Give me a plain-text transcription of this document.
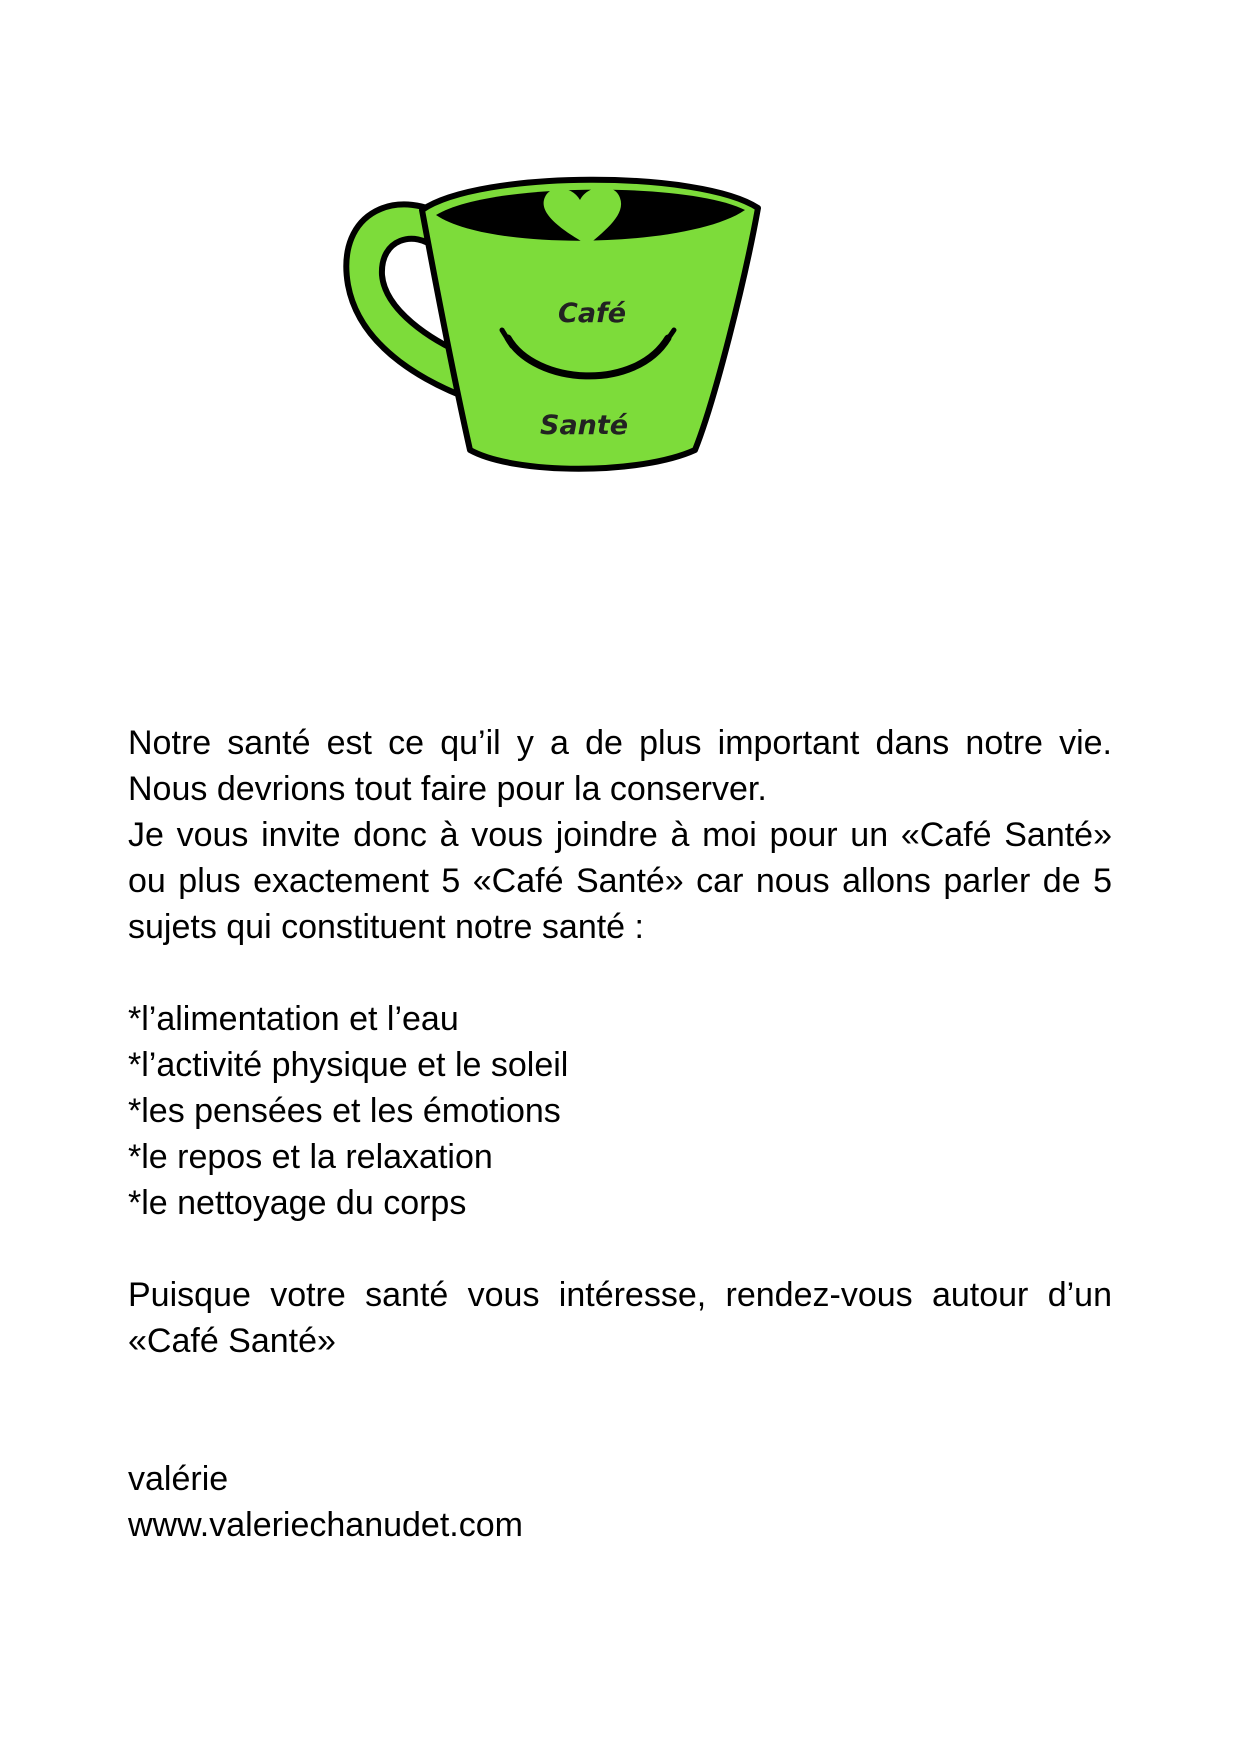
Café
Santé

Notre santé est ce qu’il y a de plus important dans notre vie. Nous devrions tout faire pour la conserver.
Je vous invite donc à vous joindre à moi pour un «Café Santé» ou plus exactement 5 «Café Santé» car nous allons parler de 5 sujets qui constituent notre santé :

*l’alimentation et l’eau
*l’activité physique et le soleil
*les pensées et les émotions
*le repos et la relaxation
*le nettoyage du corps

Puisque votre santé vous intéresse, rendez-vous autour d’un «Café Santé»

valérie

www.valeriechanudet.com
